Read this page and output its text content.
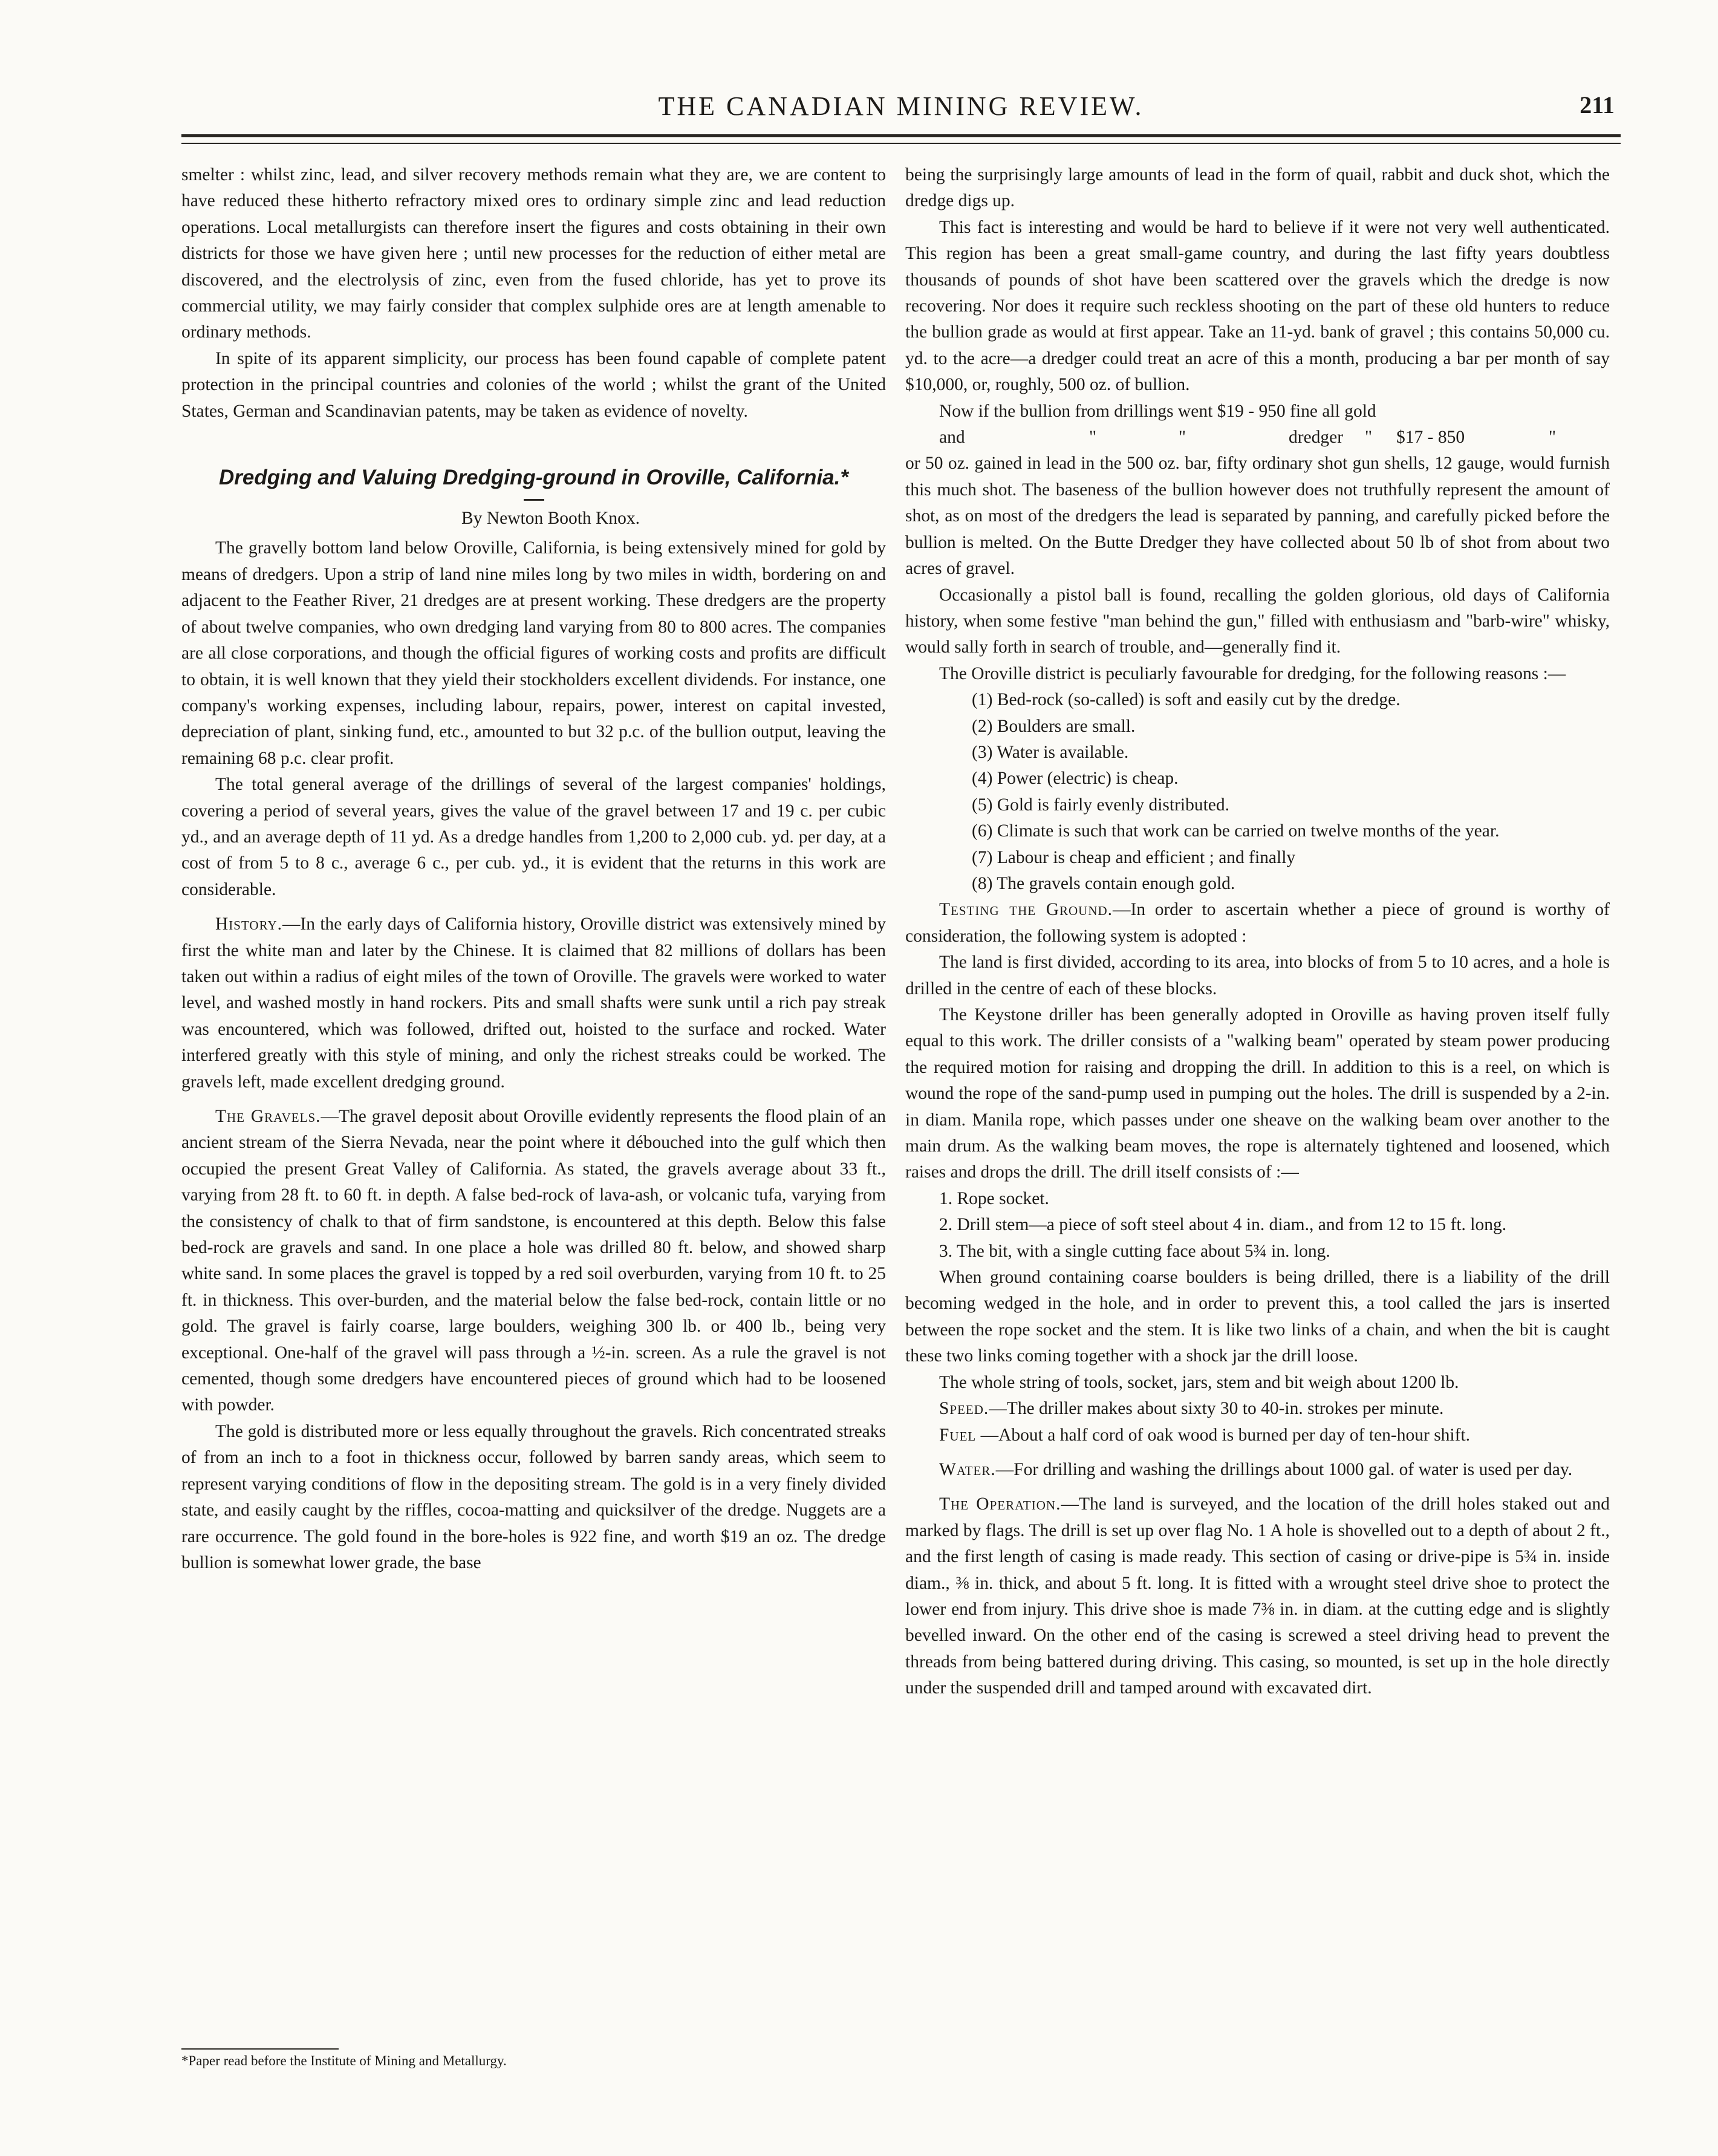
THE CANADIAN MINING REVIEW.	211

smelter : whilst zinc, lead, and silver recovery methods remain what they are, we are content to have reduced these hitherto refractory mixed ores to ordinary simple zinc and lead reduction operations. Local metallurgists can therefore insert the figures and costs obtaining in their own districts for those we have given here ; until new processes for the reduction of either metal are discovered, and the electrolysis of zinc, even from the fused chloride, has yet to prove its commercial utility, we may fairly consider that complex sulphide ores are at length amenable to ordinary methods.

In spite of its apparent simplicity, our process has been found capable of complete patent protection in the principal countries and colonies of the world ; whilst the grant of the United States, German and Scandinavian patents, may be taken as evidence of novelty.

Dredging and Valuing Dredging-ground in Oroville, California.*

By Newton Booth Knox.

The gravelly bottom land below Oroville, California, is being extensively mined for gold by means of dredgers. Upon a strip of land nine miles long by two miles in width, bordering on and adjacent to the Feather River, 21 dredges are at present working. These dredgers are the property of about twelve companies, who own dredging land varying from 80 to 800 acres. The companies are all close corporations, and though the official figures of working costs and profits are difficult to obtain, it is well known that they yield their stockholders excellent dividends. For instance, one company's working expenses, including labour, repairs, power, interest on capital invested, depreciation of plant, sinking fund, etc., amounted to but 32 p.c. of the bullion output, leaving the remaining 68 p.c. clear profit.

The total general average of the drillings of several of the largest companies' holdings, covering a period of several years, gives the value of the gravel between 17 and 19 c. per cubic yd., and an average depth of 11 yd. As a dredge handles from 1,200 to 2,000 cub. yd. per day, at a cost of from 5 to 8 c., average 6 c., per cub. yd., it is evident that the returns in this work are considerable.

History.—In the early days of California history, Oroville district was extensively mined by first the white man and later by the Chinese. It is claimed that 82 millions of dollars has been taken out within a radius of eight miles of the town of Oroville. The gravels were worked to water level, and washed mostly in hand rockers. Pits and small shafts were sunk until a rich pay streak was encountered, which was followed, drifted out, hoisted to the surface and rocked. Water interfered greatly with this style of mining, and only the richest streaks could be worked. The gravels left, made excellent dredging ground.

The Gravels.—The gravel deposit about Oroville evidently represents the flood plain of an ancient stream of the Sierra Nevada, near the point where it débouched into the gulf which then occupied the present Great Valley of California. As stated, the gravels average about 33 ft., varying from 28 ft. to 60 ft. in depth. A false bed-rock of lava-ash, or volcanic tufa, varying from the consistency of chalk to that of firm sandstone, is encountered at this depth. Below this false bed-rock are gravels and sand. In one place a hole was drilled 80 ft. below, and showed sharp white sand. In some places the gravel is topped by a red soil overburden, varying from 10 ft. to 25 ft. in thickness. This over-burden, and the material below the false bed-rock, contain little or no gold. The gravel is fairly coarse, large boulders, weighing 300 lb. or 400 lb., being very exceptional. One-half of the gravel will pass through a ½-in. screen. As a rule the gravel is not cemented, though some dredgers have encountered pieces of ground which had to be loosened with powder.

The gold is distributed more or less equally throughout the gravels. Rich concentrated streaks of from an inch to a foot in thickness occur, followed by barren sandy areas, which seem to represent varying conditions of flow in the depositing stream. The gold is in a very finely divided state, and easily caught by the riffles, cocoa-matting and quicksilver of the dredge. Nuggets are a rare occurrence. The gold found in the bore-holes is 922 fine, and worth $19 an oz. The dredge bullion is somewhat lower grade, the base

being the surprisingly large amounts of lead in the form of quail, rabbit and duck shot, which the dredge digs up.

This fact is interesting and would be hard to believe if it were not very well authenticated. This region has been a great small-game country, and during the last fifty years doubtless thousands of pounds of shot have been scattered over the gravels which the dredge is now recovering. Nor does it require such reckless shooting on the part of these old hunters to reduce the bullion grade as would at first appear. Take an 11-yd. bank of gravel ; this contains 50,000 cu. yd. to the acre—a dredger could treat an acre of this a month, producing a bar per month of say $10,000, or, roughly, 500 oz. of bullion.

Now if the bullion from drillings went $19 - 950 fine all gold

and	"	"	dredger	"	$17 - 850	"

or 50 oz. gained in lead in the 500 oz. bar, fifty ordinary shot gun shells, 12 gauge, would furnish this much shot. The baseness of the bullion however does not truthfully represent the amount of shot, as on most of the dredgers the lead is separated by panning, and carefully picked before the bullion is melted. On the Butte Dredger they have collected about 50 lb of shot from about two acres of gravel.

Occasionally a pistol ball is found, recalling the golden glorious, old days of California history, when some festive "man behind the gun," filled with enthusiasm and "barb-wire" whisky, would sally forth in search of trouble, and—generally find it.

The Oroville district is peculiarly favourable for dredging, for the following reasons :—

(1) Bed-rock (so-called) is soft and easily cut by the dredge.

(2) Boulders are small.

(3) Water is available.

(4) Power (electric) is cheap.

(5) Gold is fairly evenly distributed.

(6) Climate is such that work can be carried on twelve months of the year.

(7) Labour is cheap and efficient ; and finally

(8) The gravels contain enough gold.

Testing the Ground.—In order to ascertain whether a piece of ground is worthy of consideration, the following system is adopted :

The land is first divided, according to its area, into blocks of from 5 to 10 acres, and a hole is drilled in the centre of each of these blocks.

The Keystone driller has been generally adopted in Oroville as having proven itself fully equal to this work. The driller consists of a "walking beam" operated by steam power producing the required motion for raising and dropping the drill. In addition to this is a reel, on which is wound the rope of the sand-pump used in pumping out the holes. The drill is suspended by a 2-in. in diam. Manila rope, which passes under one sheave on the walking beam over another to the main drum. As the walking beam moves, the rope is alternately tightened and loosened, which raises and drops the drill. The drill itself consists of :—

1. Rope socket.

2. Drill stem—a piece of soft steel about 4 in. diam., and from 12 to 15 ft. long.

3. The bit, with a single cutting face about 5¾ in. long.

When ground containing coarse boulders is being drilled, there is a liability of the drill becoming wedged in the hole, and in order to prevent this, a tool called the jars is inserted between the rope socket and the stem. It is like two links of a chain, and when the bit is caught these two links coming together with a shock jar the drill loose.

The whole string of tools, socket, jars, stem and bit weigh about 1200 lb.

Speed.—The driller makes about sixty 30 to 40-in. strokes per minute.

Fuel —About a half cord of oak wood is burned per day of ten-hour shift.

Water.—For drilling and washing the drillings about 1000 gal. of water is used per day.

The Operation.—The land is surveyed, and the location of the drill holes staked out and marked by flags. The drill is set up over flag No. 1 A hole is shovelled out to a depth of about 2 ft., and the first length of casing is made ready. This section of casing or drive-pipe is 5¾ in. inside diam., ⅜ in. thick, and about 5 ft. long. It is fitted with a wrought steel drive shoe to protect the lower end from injury. This drive shoe is made 7⅜ in. in diam. at the cutting edge and is slightly bevelled inward. On the other end of the casing is screwed a steel driving head to prevent the threads from being battered during driving. This casing, so mounted, is set up in the hole directly under the suspended drill and tamped around with excavated dirt.

*Paper read before the Institute of Mining and Metallurgy.
